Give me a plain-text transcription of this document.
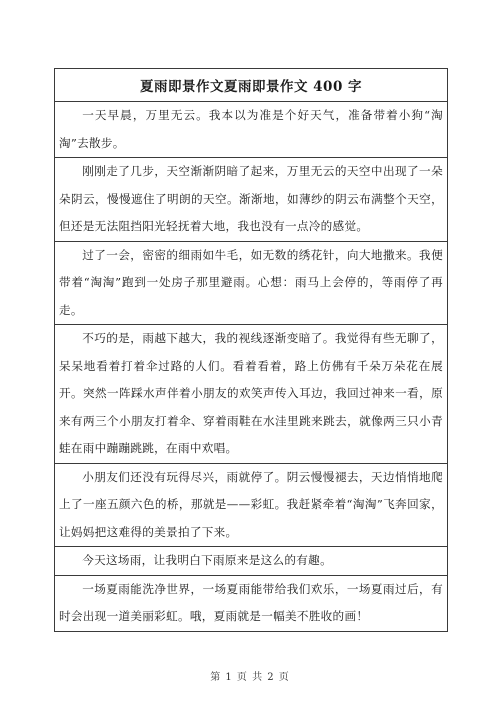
夏雨即景作文夏雨即景作文 400 字
一天早晨，万里无云。我本以为准是个好天气，准备带着小狗“淘淘”去散步。
刚刚走了几步，天空渐渐阴暗了起来，万里无云的天空中出现了一朵朵阴云，慢慢遮住了明朗的天空。渐渐地，如薄纱的阴云布满整个天空，但还是无法阻挡阳光轻抚着大地，我也没有一点冷的感觉。
过了一会，密密的细雨如牛毛，如无数的绣花针，向大地撒来。我便带着“淘淘”跑到一处房子那里避雨。心想：雨马上会停的，等雨停了再走。
不巧的是，雨越下越大，我的视线逐渐变暗了。我觉得有些无聊了，呆呆地看着打着伞过路的人们。看着看着，路上仿佛有千朵万朵花在展开。突然一阵踩水声伴着小朋友的欢笑声传入耳边，我回过神来一看，原来有两三个小朋友打着伞、穿着雨鞋在水洼里跳来跳去，就像两三只小青蛙在雨中蹦蹦跳跳，在雨中欢唱。
小朋友们还没有玩得尽兴，雨就停了。阴云慢慢褪去，天边悄悄地爬上了一座五颜六色的桥，那就是——彩虹。我赶紧牵着“淘淘”飞奔回家，让妈妈把这难得的美景拍了下来。
今天这场雨，让我明白下雨原来是这么的有趣。
一场夏雨能洗净世界，一场夏雨能带给我们欢乐，一场夏雨过后，有时会出现一道美丽彩虹。哦，夏雨就是一幅美不胜收的画！
第 1 页 共 2 页
